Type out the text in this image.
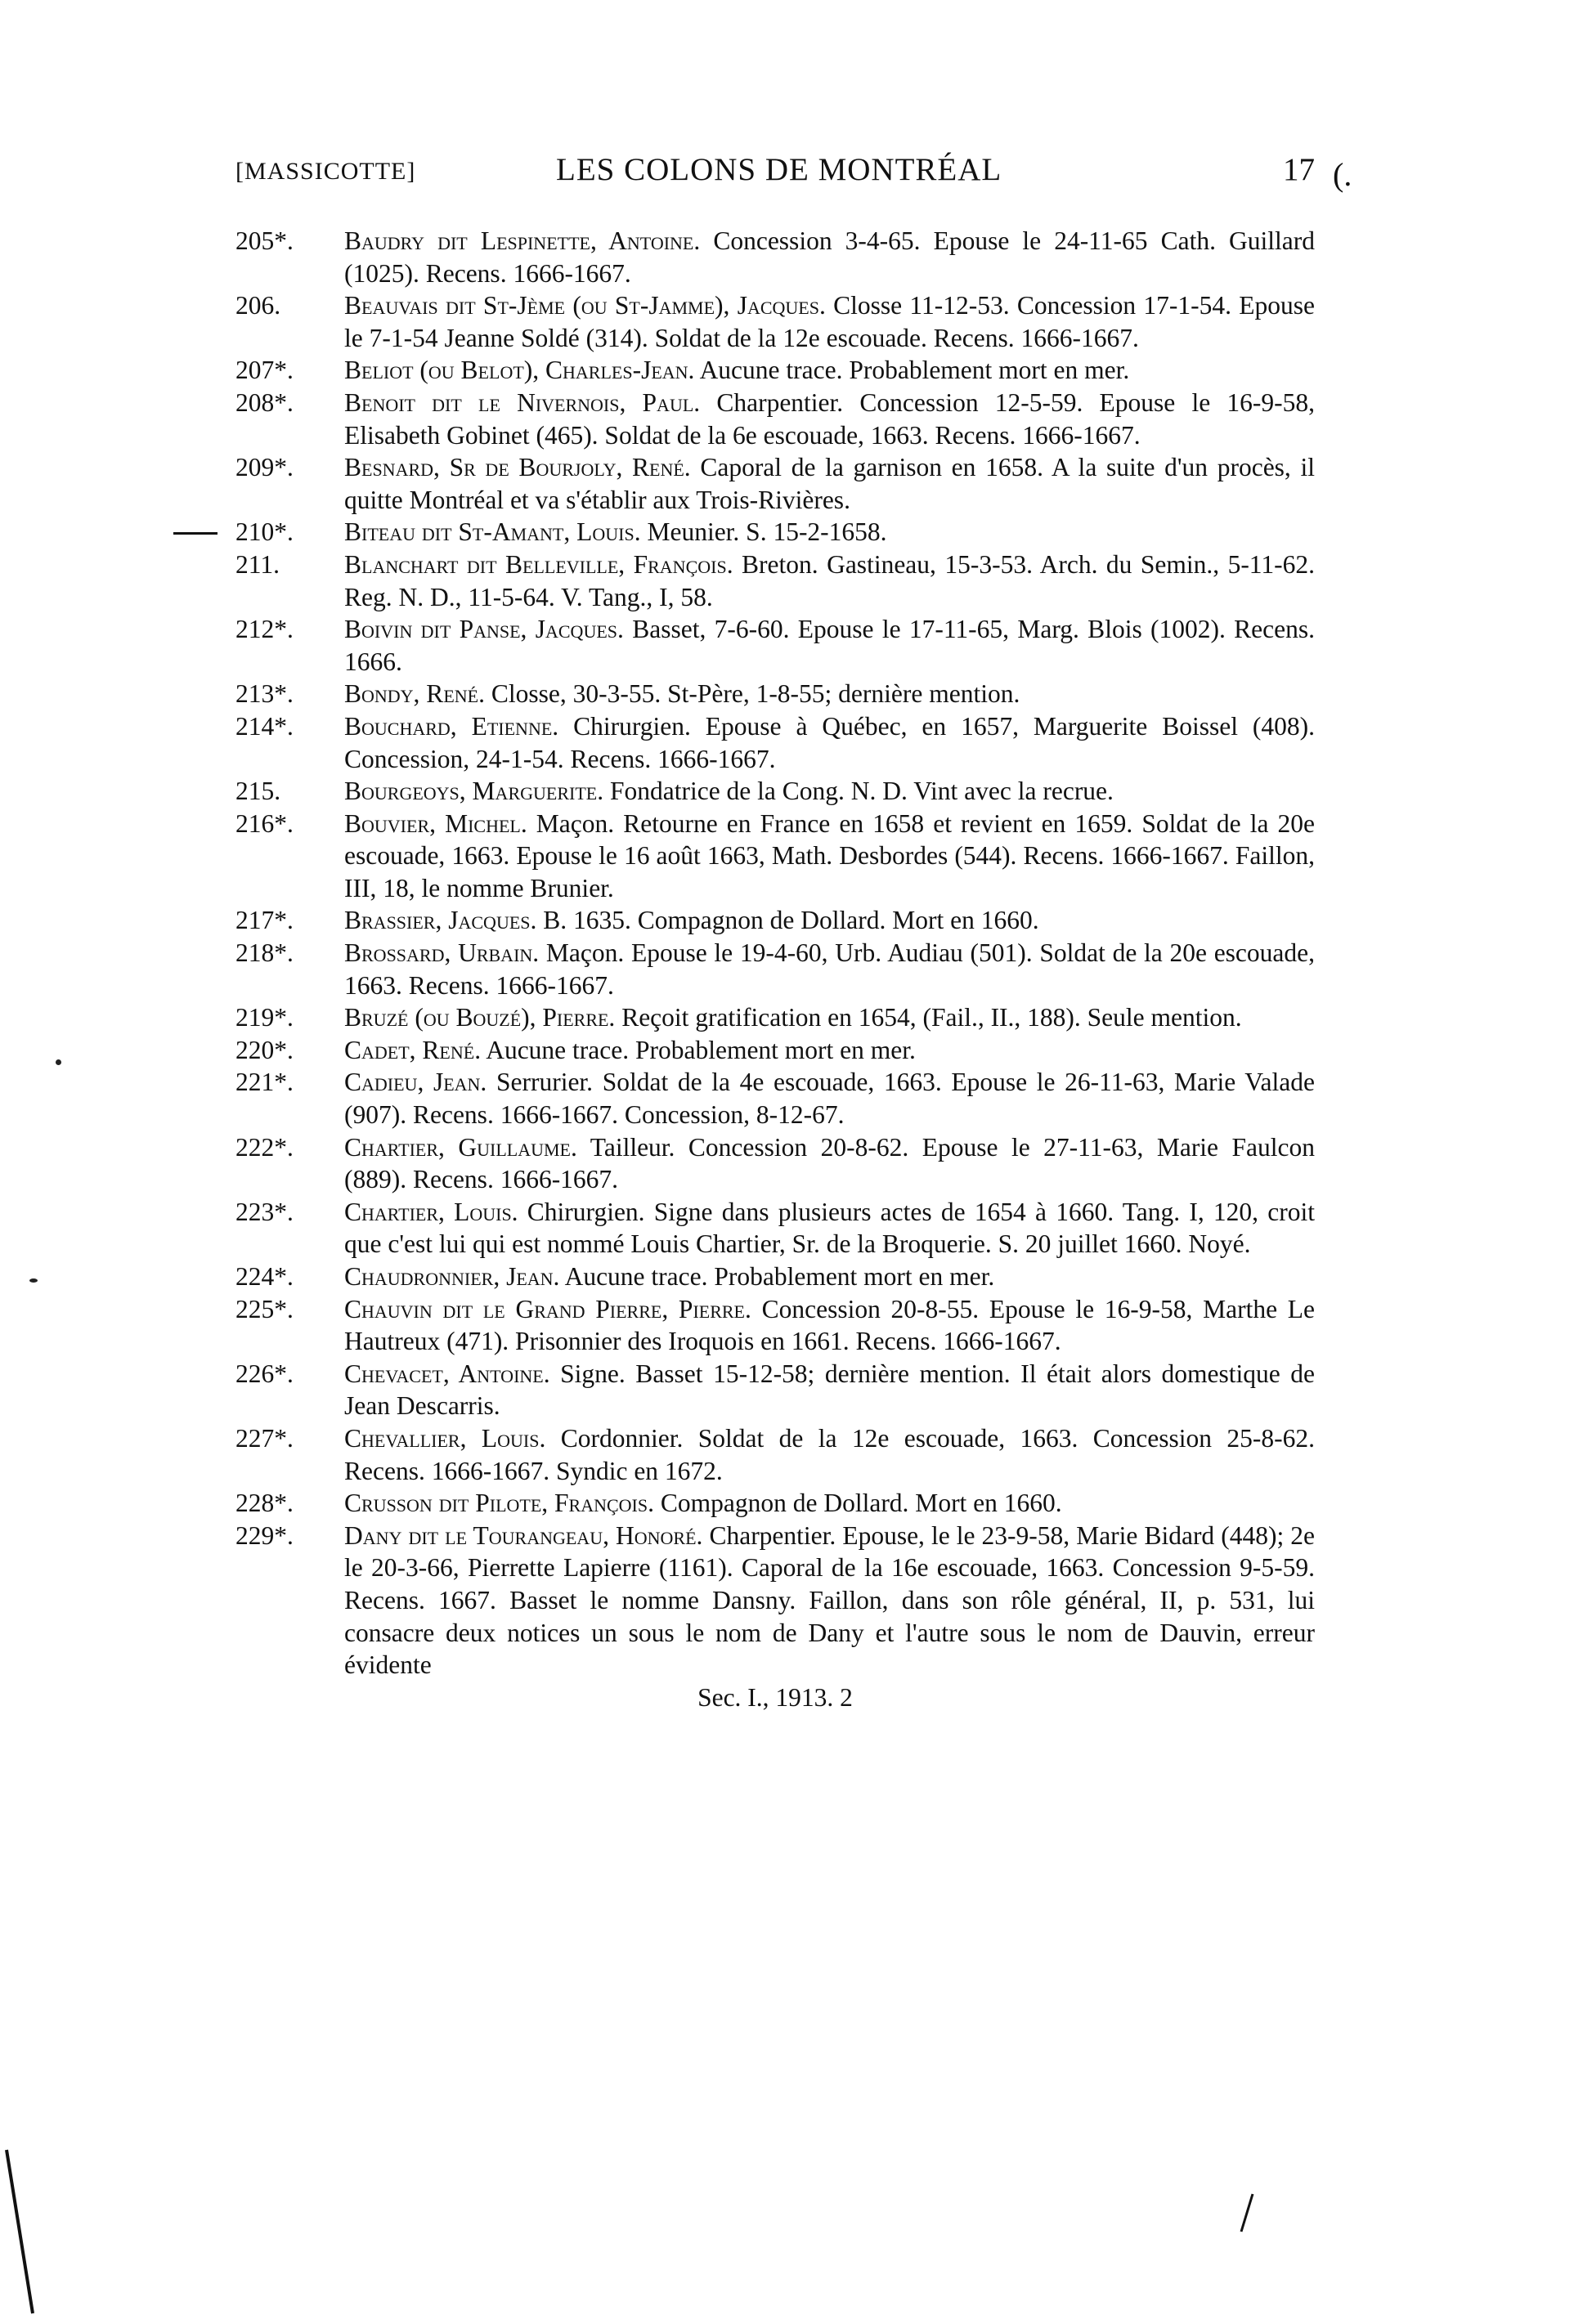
[MASSICOTTE]	LES COLONS DE MONTRÉAL	17 (.
205*. Baudry dit Lespinette, Antoine. Concession 3-4-65. Epouse le 24-11-65 Cath. Guillard (1025). Recens. 1666-1667.
206. Beauvais dit St-Jème (ou St-Jamme), Jacques. Closse 11-12-53. Concession 17-1-54. Epouse le 7-1-54 Jeanne Soldé (314). Soldat de la 12e escouade. Recens. 1666-1667.
207*. Beliot (ou Belot), Charles-Jean. Aucune trace. Probablement mort en mer.
208*. Benoit dit le Nivernois, Paul. Charpentier. Concession 12-5-59. Epouse le 16-9-58, Elisabeth Gobinet (465). Soldat de la 6e escouade, 1663. Recens. 1666-1667.
209*. Besnard, Sr de Bourjoly, René. Caporal de la garnison en 1658. A la suite d'un procès, il quitte Montréal et va s'établir aux Trois-Rivières.
210*. Biteau dit St-Amant, Louis. Meunier. S. 15-2-1658.
211.	Blanchart dit Belleville, François. Breton. Gastineau, 15-3-53. Arch. du Semin., 5-11-62. Reg. N. D., 11-5-64. V. Tang., I, 58.
212*. Boivin dit Panse, Jacques. Basset, 7-6-60. Epouse le 17-11-65, Marg. Blois (1002). Recens. 1666.
213*. Bondy, René. Closse, 30-3-55. St-Père, 1-8-55; dernière mention.
214*. Bouchard, Etienne. Chirurgien. Epouse à Québec, en 1657, Marguerite Boissel (408). Concession, 24-1-54. Recens. 1666-1667.
215. Bourgeoys, Marguerite. Fondatrice de la Cong. N. D. Vint avec la recrue.
216*. Bouvier, Michel. Maçon. Retourne en France en 1658 et revient en 1659. Soldat de la 20e escouade, 1663. Epouse le 16 août 1663, Math. Desbordes (544). Recens. 1666-1667. Faillon, III, 18, le nomme Brunier.
217*. Brassier, Jacques. B. 1635. Compagnon de Dollard. Mort en 1660.
218*. Brossard, Urbain. Maçon. Epouse le 19-4-60, Urb. Audiau (501). Soldat de la 20e escouade, 1663. Recens. 1666-1667.
219*. Bruzé (ou Bouzé), Pierre. Reçoit gratification en 1654, (Fail., II., 188). Seule mention.
220*. Cadet, René. Aucune trace. Probablement mort en mer.
221*. Cadieu, Jean. Serrurier. Soldat de la 4e escouade, 1663. Epouse le 26-11-63, Marie Valade (907). Recens. 1666-1667. Concession, 8-12-67.
222*. Chartier, Guillaume. Tailleur. Concession 20-8-62. Epouse le 27-11-63, Marie Faulcon (889). Recens. 1666-1667.
223*. Chartier, Louis. Chirurgien. Signe dans plusieurs actes de 1654 à 1660. Tang. I, 120, croit que c'est lui qui est nommé Louis Chartier, Sr. de la Broquerie. S. 20 juillet 1660. Noyé.
224*. Chaudronnier, Jean. Aucune trace. Probablement mort en mer.
225*. Chauvin dit le Grand Pierre, Pierre. Concession 20-8-55. Epouse le 16-9-58, Marthe Le Hautreux (471). Prisonnier des Iroquois en 1661. Recens. 1666-1667.
226*. Chevacet, Antoine. Signe. Basset 15-12-58; dernière mention. Il était alors domestique de Jean Descarris.
227*. Chevallier, Louis. Cordonnier. Soldat de la 12e escouade, 1663. Concession 25-8-62. Recens. 1666-1667. Syndic en 1672.
228*. Crusson dit Pilote, François. Compagnon de Dollard. Mort en 1660.
229*. Dany dit le Tourangeau, Honoré. Charpentier. Epouse, le le 23-9-58, Marie Bidard (448); 2e le 20-3-66, Pierrette Lapierre (1161). Caporal de la 16e escouade, 1663. Concession 9-5-59. Recens. 1667. Basset le nomme Dansny. Faillon, dans son rôle général, II, p. 531, lui consacre deux notices un sous le nom de Dany et l'autre sous le nom de Dauvin, erreur évidente
Sec. I., 1913. 2
